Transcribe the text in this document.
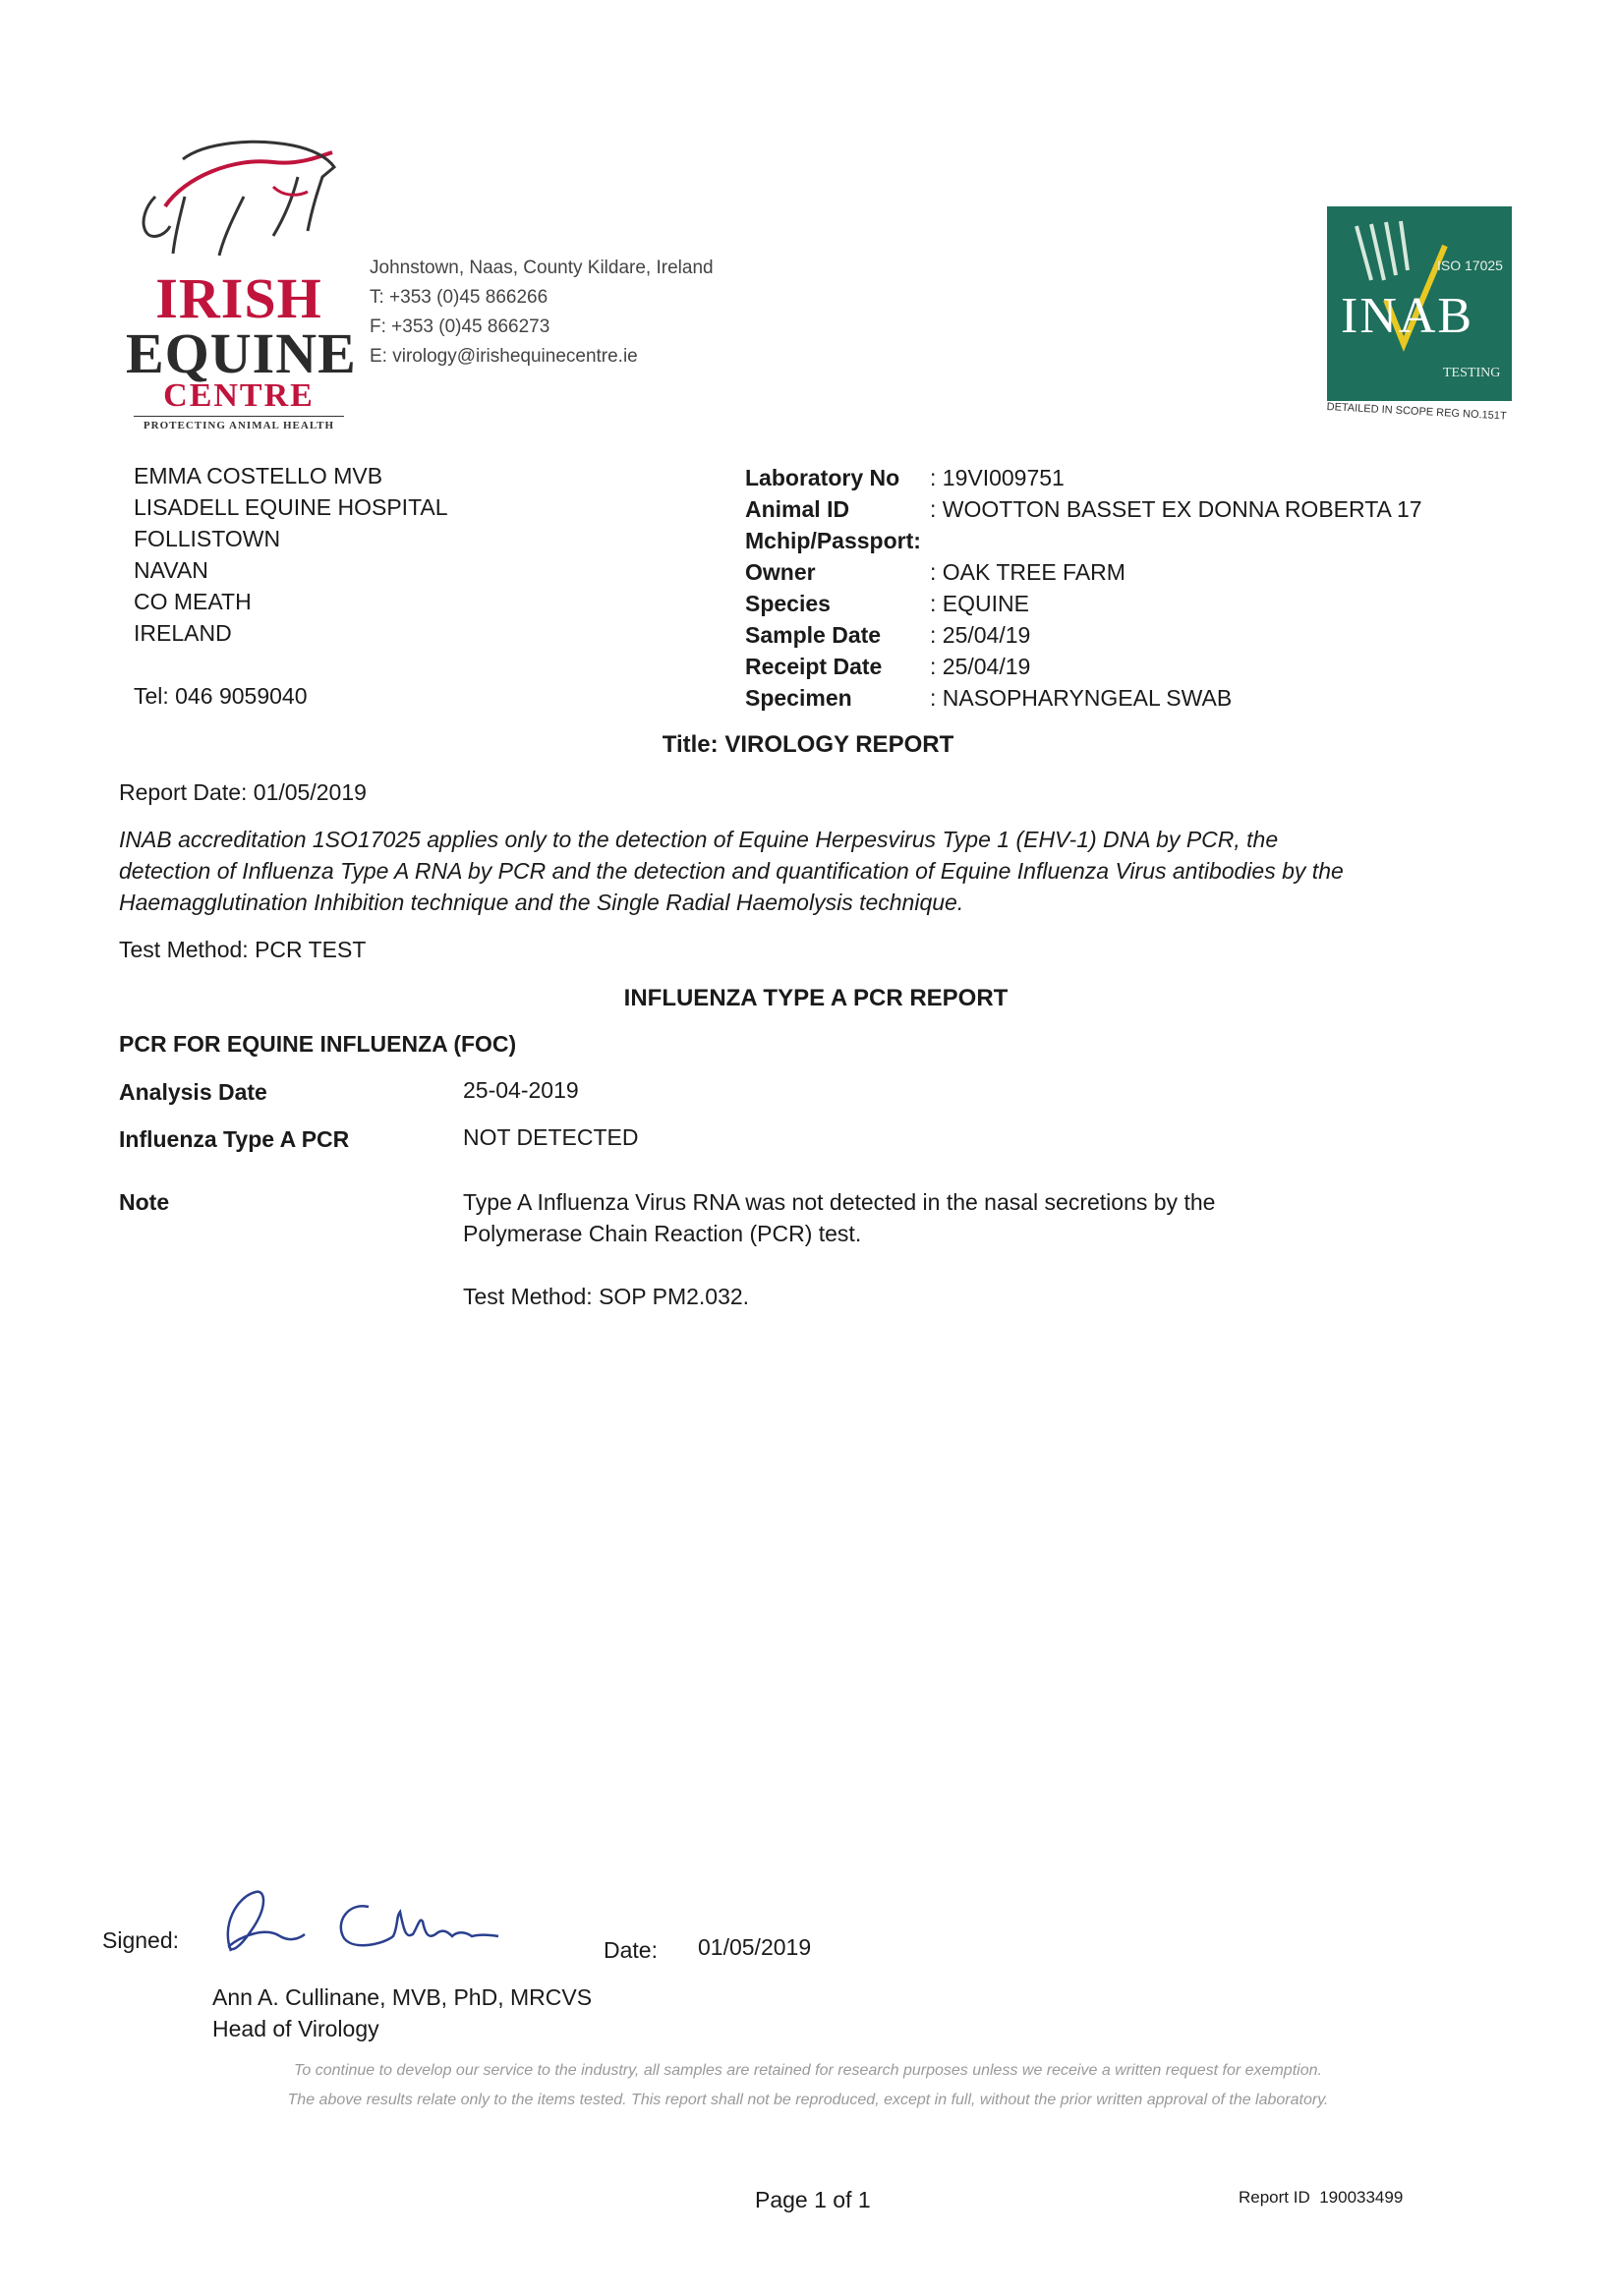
IRISH
EQUINE
CENTRE
PROTECTING ANIMAL HEALTH
Johnstown, Naas, County Kildare, Ireland
T: +353 (0)45 866266
F: +353 (0)45 866273
E: virology@irishequinecentre.ie
ISO 17025
INAB
TESTING
DETAILED IN SCOPE REG NO.151T
EMMA COSTELLO MVB
LISADELL EQUINE HOSPITAL
FOLLISTOWN
NAVAN
CO MEATH
IRELAND
Tel: 046 9059040
Laboratory No : 19VI009751
Animal ID	: WOOTTON BASSET EX DONNA ROBERTA 17
Mchip/Passport:
Owner	: OAK TREE FARM
Species	: EQUINE
Sample Date : 25/04/19
Receipt Date : 25/04/19
Specimen	: NASOPHARYNGEAL SWAB
Title: VIROLOGY REPORT
Report Date: 01/05/2019
INAB accreditation 1SO17025 applies only to the detection of Equine Herpesvirus Type 1 (EHV-1) DNA by PCR, the
detection of Influenza Type A RNA by PCR and the detection and quantification of Equine Influenza Virus antibodies by the
Haemagglutination Inhibition technique and the Single Radial Haemolysis technique.
Test Method: PCR TEST
INFLUENZA TYPE A PCR REPORT
PCR FOR EQUINE INFLUENZA (FOC)
Analysis Date	25-04-2019
Influenza Type A PCR	NOT DETECTED
Note	Type A Influenza Virus RNA was not detected in the nasal secretions by the
Polymerase Chain Reaction (PCR) test.
Test Method: SOP PM2.032.
Signed:	Date: 01/05/2019
Ann A. Cullinane, MVB, PhD, MRCVS
Head of Virology
To continue to develop our service to the industry, all samples are retained for research purposes unless we receive a written request for exemption.
The above results relate only to the items tested. This report shall not be reproduced, except in full, without the prior written approval of the laboratory.
Page 1 of 1	Report ID 190033499
